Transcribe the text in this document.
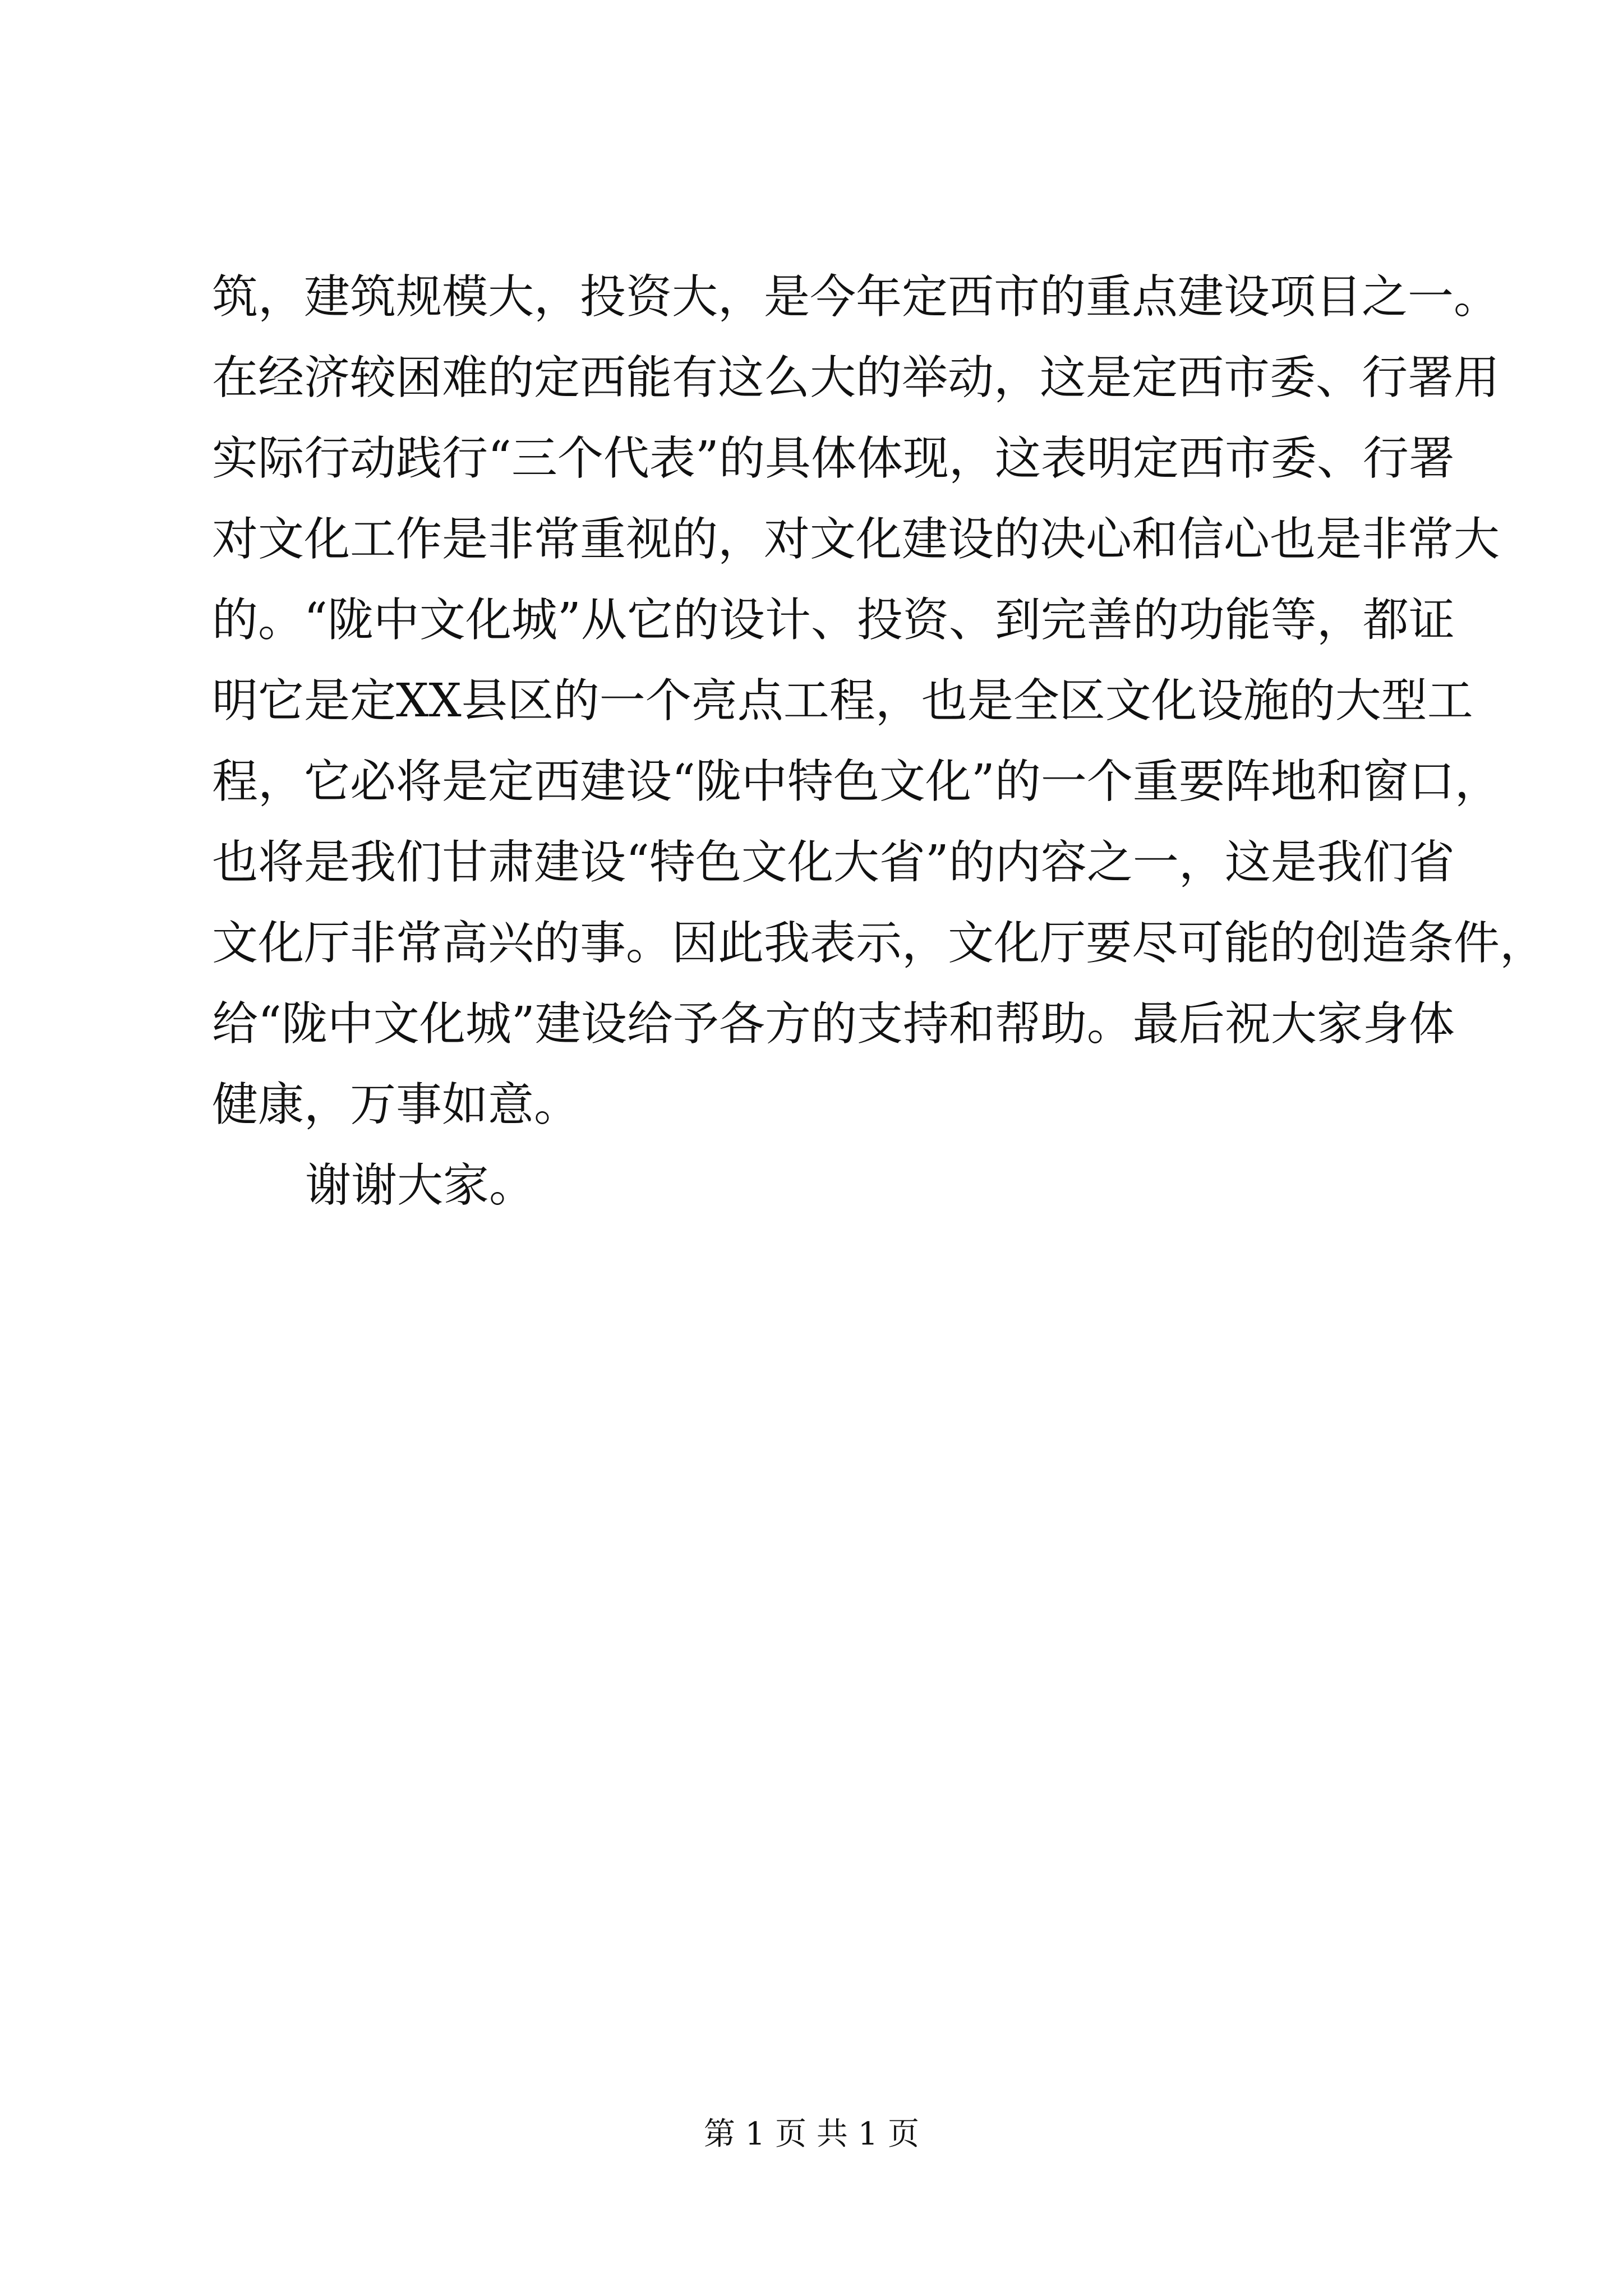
筑，建筑规模大，投资大，是今年定西市的重点建设项目之一。
在经济较困难的定西能有这么大的举动，这是定西市委、行署用
实际行动践行“三个代表”的具体体现，这表明定西市委、行署
对文化工作是非常重视的，对文化建设的决心和信心也是非常大
的。“陇中文化城”从它的设计、投资、到完善的功能等，都证
明它是定XX县区的一个亮点工程，也是全区文化设施的大型工
程，它必将是定西建设“陇中特色文化”的一个重要阵地和窗口，
也将是我们甘肃建设“特色文化大省”的内容之一，这是我们省
文化厅非常高兴的事。因此我表示，文化厅要尽可能的创造条件，
给“陇中文化城”建设给予各方的支持和帮助。最后祝大家身体
健康，万事如意。
谢谢大家。
第 1 页 共 1 页
